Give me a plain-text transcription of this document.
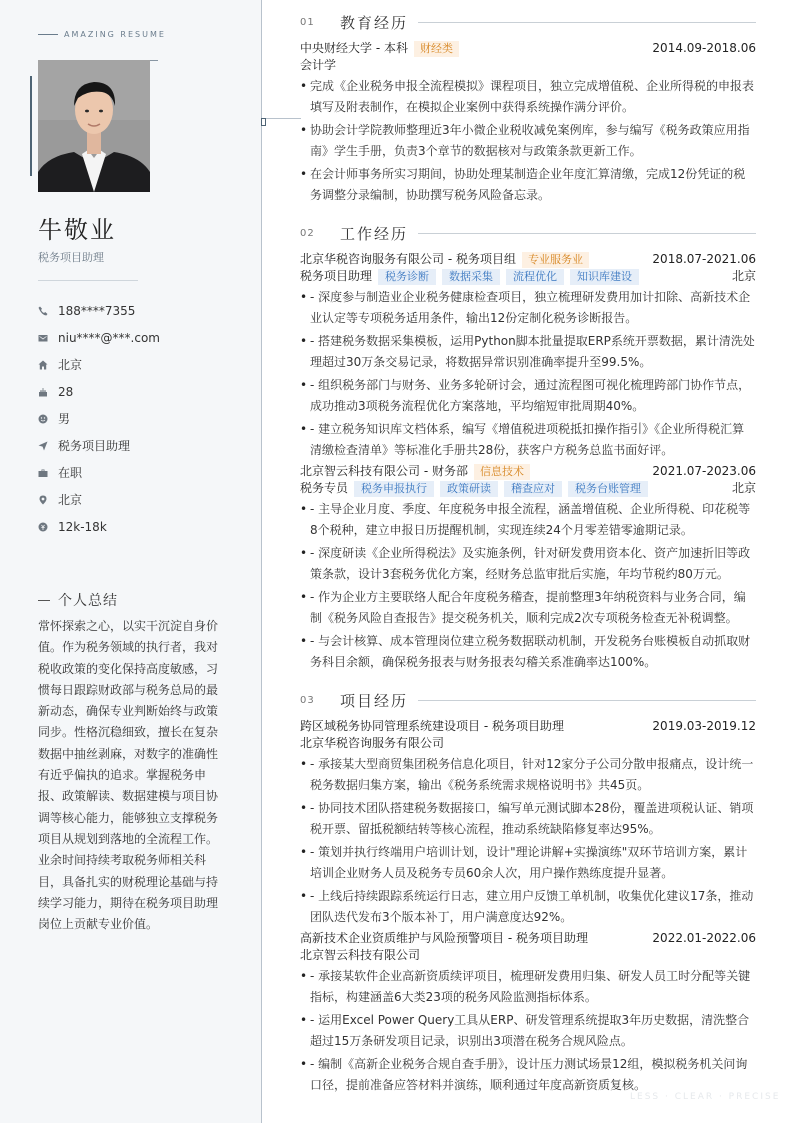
AMAZING RESUME
牛敬业
税务项目助理
188****7355
niu****@***.com
北京
28
男
税务项目助理
在职
北京
12k-18k
个人总结

常怀探索之心，以实干沉淀自身价值。作为税务领域的执行者，我对税收政策的变化保持高度敏感，习惯每日跟踪财政部与税务总局的最新动态，确保专业判断始终与政策同步。性格沉稳细致，擅长在复杂数据中抽丝剥麻，对数字的准确性有近乎偏执的追求。掌握税务申报、政策解读、数据建模与项目协调等核心能力，能够独立支撑税务项目从规划到落地的全流程工作。业余时间持续考取税务师相关科目，具备扎实的财税理论基础与持续学习能力，期待在税务项目助理岗位上贡献专业价值。

01	教育经历
中央财经大学 - 本科	财经类	2014.09-2018.06
会计学
• 完成《企业税务申报全流程模拟》课程项目，独立完成增值税、企业所得税的申报表填写及附表制作，在模拟企业案例中获得系统操作满分评价。
• 协助会计学院教师整理近3年小微企业税收减免案例库，参与编写《税务政策应用指南》学生手册，负责3个章节的数据核对与政策条款更新工作。
• 在会计师事务所实习期间，协助处理某制造企业年度汇算清缴，完成12份凭证的税务调整分录编制，协助撰写税务风险备忘录。
02	工作经历
北京华税咨询服务有限公司 - 税务项目组	专业服务业	2018.07-2021.06
税务项目助理	税务诊断	数据采集	流程优化	知识库建设	北京
• - 深度参与制造业企业税务健康检查项目，独立梳理研发费用加计扣除、高新技术企业认定等专项税务适用条件，输出12份定制化税务诊断报告。
• - 搭建税务数据采集模板，运用Python脚本批量提取ERP系统开票数据，累计清洗处理超过30万条交易记录，将数据异常识别准确率提升至99.5%。
• - 组织税务部门与财务、业务多轮研讨会，通过流程图可视化梳理跨部门协作节点，成功推动3项税务流程优化方案落地，平均缩短审批周期40%。
• - 建立税务知识库文档体系，编写《增值税进项税抵扣操作指引》《企业所得税汇算清缴检查清单》等标准化手册共28份，获客户方税务总监书面好评。
北京智云科技有限公司 - 财务部	信息技术	2021.07-2023.06
税务专员	税务申报执行	政策研读	稽查应对	税务台账管理	北京
• - 主导企业月度、季度、年度税务申报全流程，涵盖增值税、企业所得税、印花税等8个税种，建立申报日历提醒机制，实现连续24个月零差错零逾期记录。
• - 深度研读《企业所得税法》及实施条例，针对研发费用资本化、资产加速折旧等政策条款，设计3套税务优化方案，经财务总监审批后实施，年均节税约80万元。
• - 作为企业方主要联络人配合年度税务稽查，提前整理3年纳税资料与业务合同，编制《税务风险自查报告》提交税务机关，顺利完成2次专项税务检查无补税调整。
• - 与会计核算、成本管理岗位建立税务数据联动机制，开发税务台账模板自动抓取财务科目余额，确保税务报表与财务报表勾稽关系准确率达100%。
03	项目经历
跨区域税务协同管理系统建设项目 - 税务项目助理	2019.03-2019.12
北京华税咨询服务有限公司
• - 承接某大型商贸集团税务信息化项目，针对12家分子公司分散申报痛点，设计统一税务数据归集方案，输出《税务系统需求规格说明书》共45页。
• - 协同技术团队搭建税务数据接口，编写单元测试脚本28份，覆盖进项税认证、销项税开票、留抵税额结转等核心流程，推动系统缺陷修复率达95%。
• - 策划并执行终端用户培训计划，设计"理论讲解+实操演练"双环节培训方案，累计培训企业财务人员及税务专员60余人次，用户操作熟练度提升显著。
• - 上线后持续跟踪系统运行日志，建立用户反馈工单机制，收集优化建议17条，推动团队迭代发布3个版本补丁，用户满意度达92%。
高新技术企业资质维护与风险预警项目 - 税务项目助理	2022.01-2022.06
北京智云科技有限公司
• - 承接某软件企业高新资质续评项目，梳理研发费用归集、研发人员工时分配等关键指标，构建涵盖6大类23项的税务风险监测指标体系。
• - 运用Excel Power Query工具从ERP、研发管理系统提取3年历史数据，清洗整合超过15万条研发项目记录，识别出3项潜在税务合规风险点。
• - 编制《高新企业税务合规自查手册》，设计压力测试场景12组，模拟税务机关问询口径，提前准备应答材料并演练，顺利通过年度高新资质复核。
LESS · CLEAR · PRECISE
